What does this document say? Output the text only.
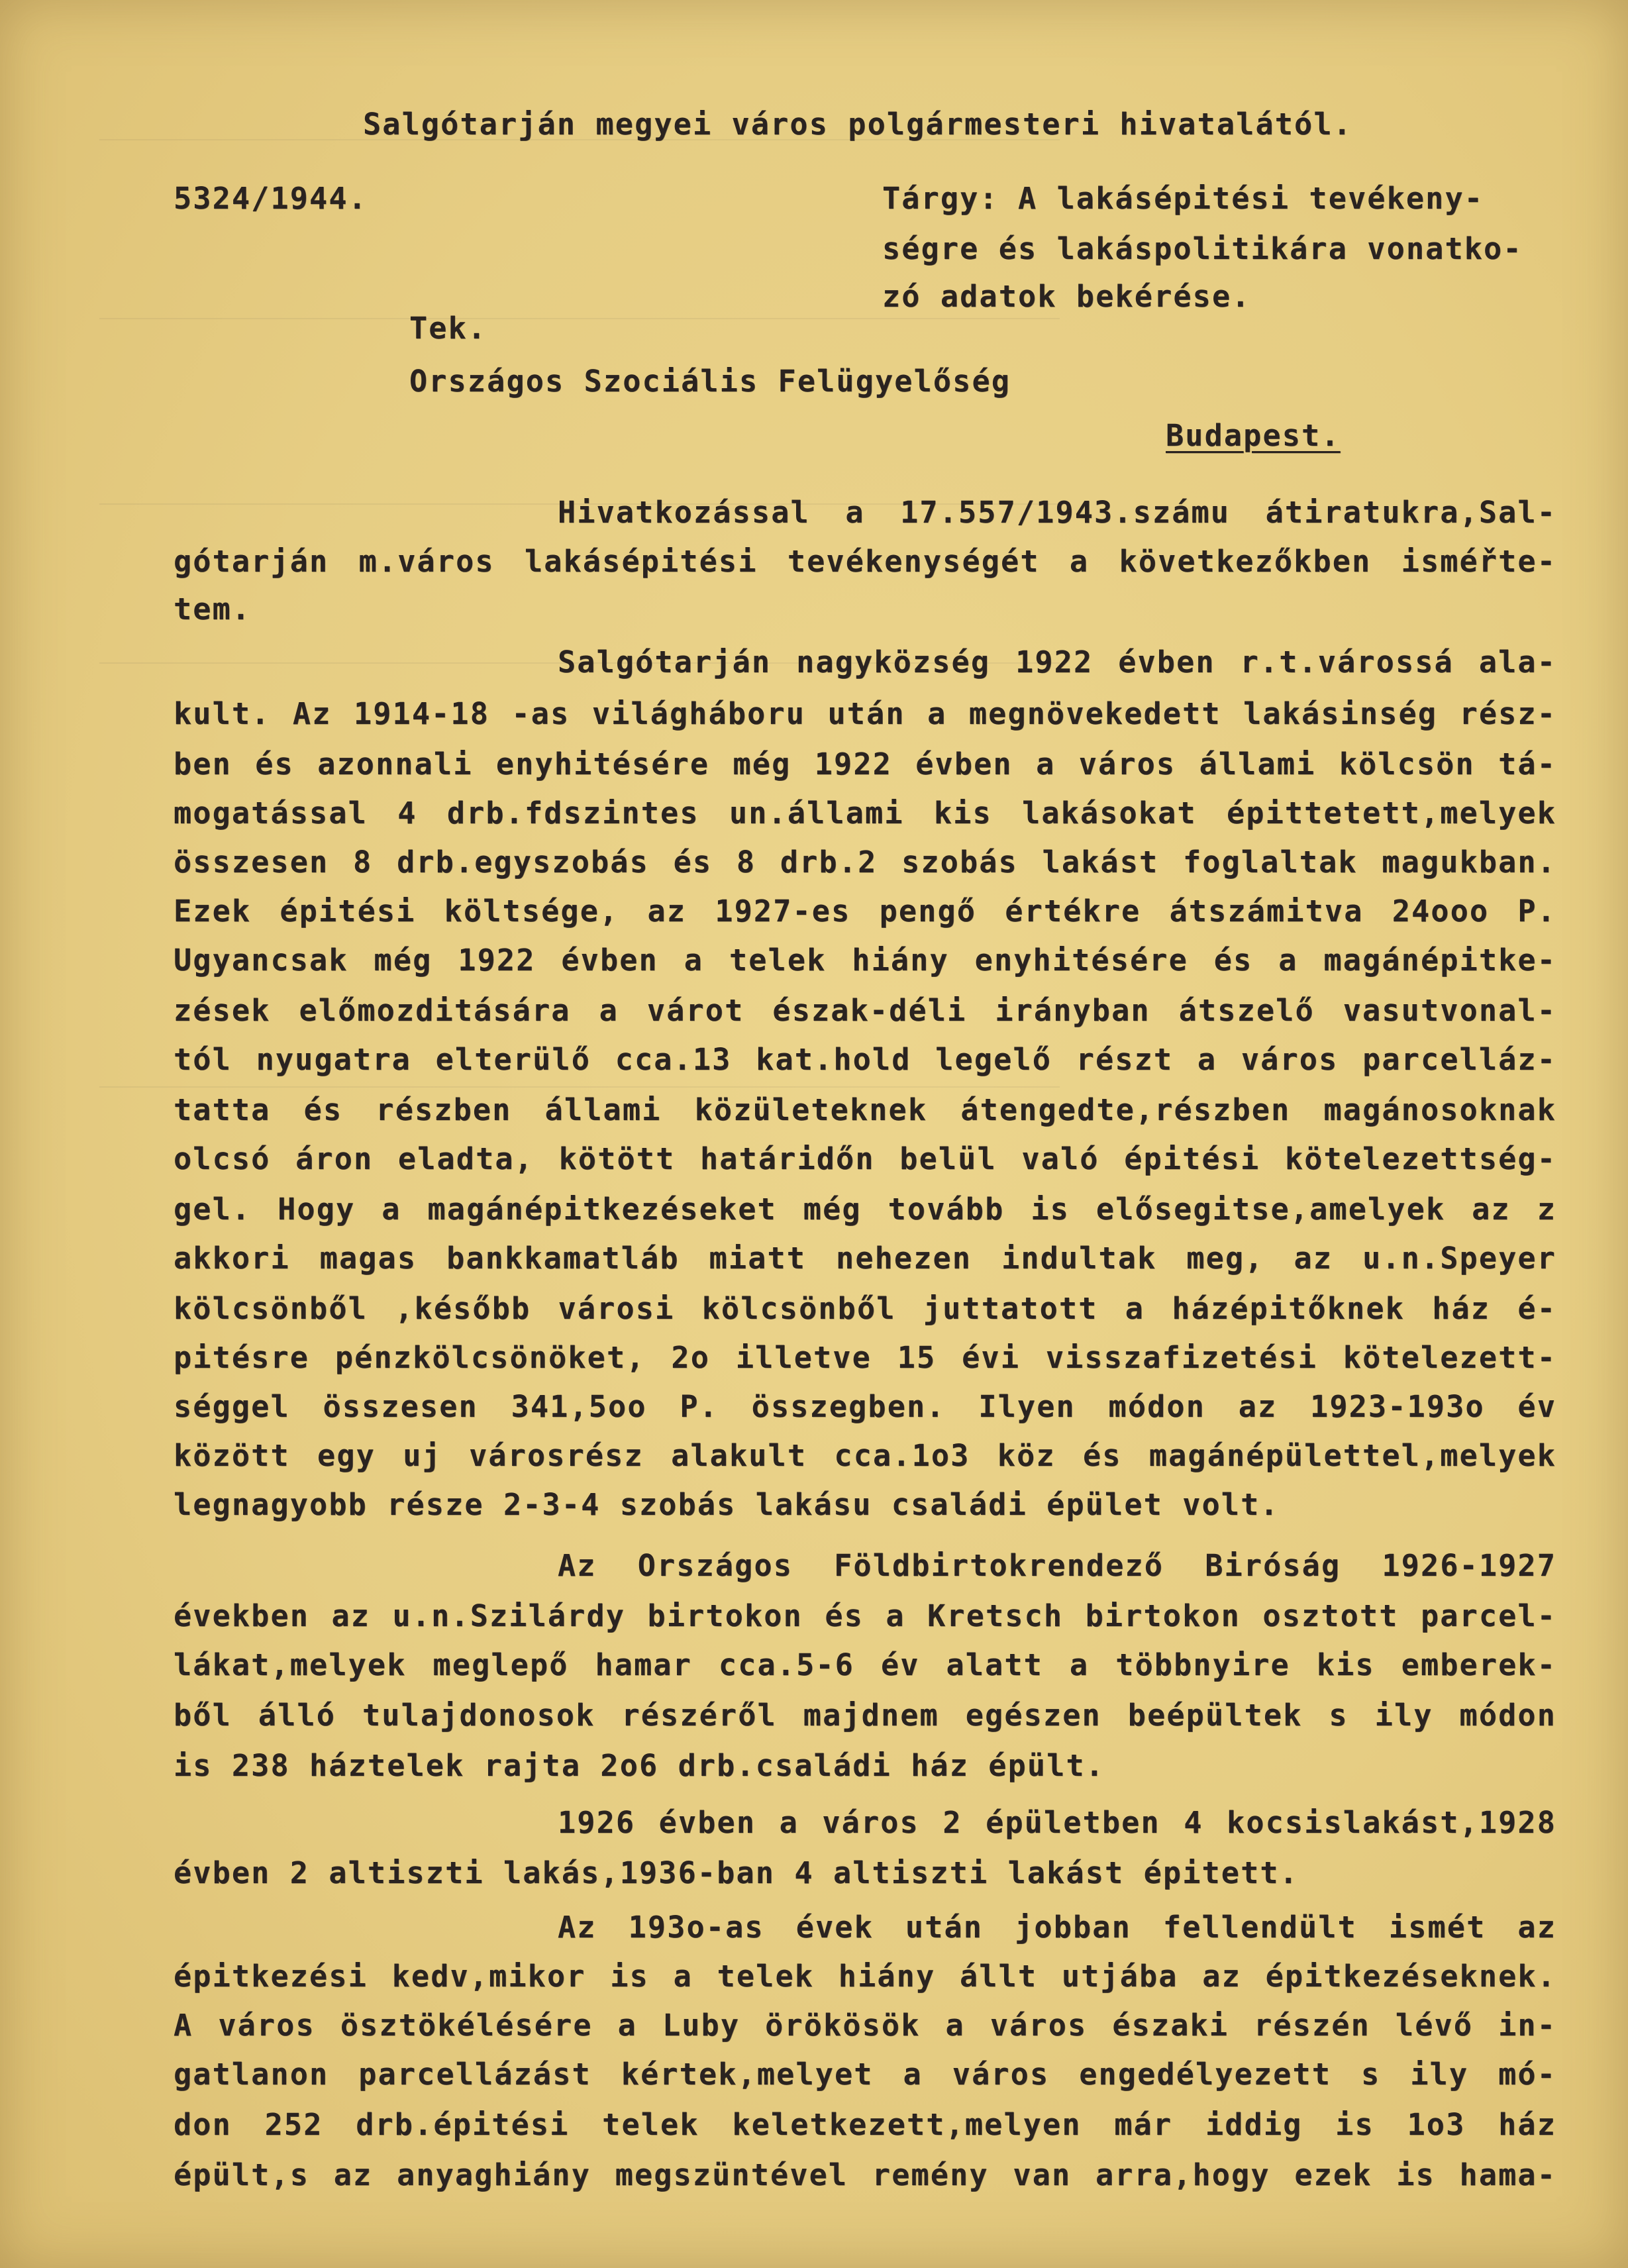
Salgótarján megyei város polgármesteri hivatalától.
5324/1944.	Tárgy: A lakásépitési tevékeny-
ségre és lakáspolitikára vonatko-
zó adatok bekérése.
Tek.
Országos Szociális Felügyelőség
Budapest.
Hivatkozással a 17.557/1943.számu átiratukra,Sal-
gótarján m.város lakásépitési tevékenységét a következőkben isméřte-
tem.
Salgótarján nagyközség 1922 évben r.t.várossá ala-
kult. Az 1914-18 -as világháboru után a megnövekedett lakásinség rész-
ben és azonnali enyhitésére még 1922 évben a város állami kölcsön tá-
mogatással 4 drb.fdszintes un.állami kis lakásokat épittetett,melyek
összesen 8 drb.egyszobás és 8 drb.2 szobás lakást foglaltak magukban.
Ezek épitési költsége, az 1927-es pengő értékre átszámitva 24ooo P.
Ugyancsak még 1922 évben a telek hiány enyhitésére és a magánépitke-
zések előmozditására a várot észak-déli irányban átszelő vasutvonal-
tól nyugatra elterülő cca.13 kat.hold legelő részt a város parcelláz-
tatta és részben állami közületeknek átengedte,részben magánosoknak
olcsó áron eladta, kötött határidőn belül való épitési kötelezettség-
gel. Hogy a magánépitkezéseket még tovább is elősegitse,amelyek az z
akkori magas bankkamatláb miatt nehezen indultak meg, az u.n.Speyer
kölcsönből ,később városi kölcsönből juttatott a házépitőknek ház é-
pitésre pénzkölcsönöket, 2o illetve 15 évi visszafizetési kötelezett-
séggel összesen 341,5oo P. összegben. Ilyen módon az 1923-193o év
között egy uj városrész alakult cca.1o3 köz és magánépülettel,melyek
legnagyobb része 2-3-4 szobás lakásu családi épület volt.
Az Országos Földbirtokrendező Biróság 1926-1927
években az u.n.Szilárdy birtokon és a Kretsch birtokon osztott parcel-
lákat,melyek meglepő hamar cca.5-6 év alatt a többnyire kis emberek-
ből álló tulajdonosok részéről majdnem egészen beépültek s ily módon
is 238 háztelek rajta 2o6 drb.családi ház épült.
1926 évben a város 2 épületben 4 kocsislakást,1928
évben 2 altiszti lakás,1936-ban 4 altiszti lakást épitett.
Az 193o-as évek után jobban fellendült ismét az
épitkezési kedv,mikor is a telek hiány állt utjába az épitkezéseknek.
A város ösztökélésére a Luby örökösök a város északi részén lévő in-
gatlanon parcellázást kértek,melyet a város engedélyezett s ily mó-
don 252 drb.épitési telek keletkezett,melyen már iddig is 1o3 ház
épült,s az anyaghiány megszüntével remény van arra,hogy ezek is hama-
